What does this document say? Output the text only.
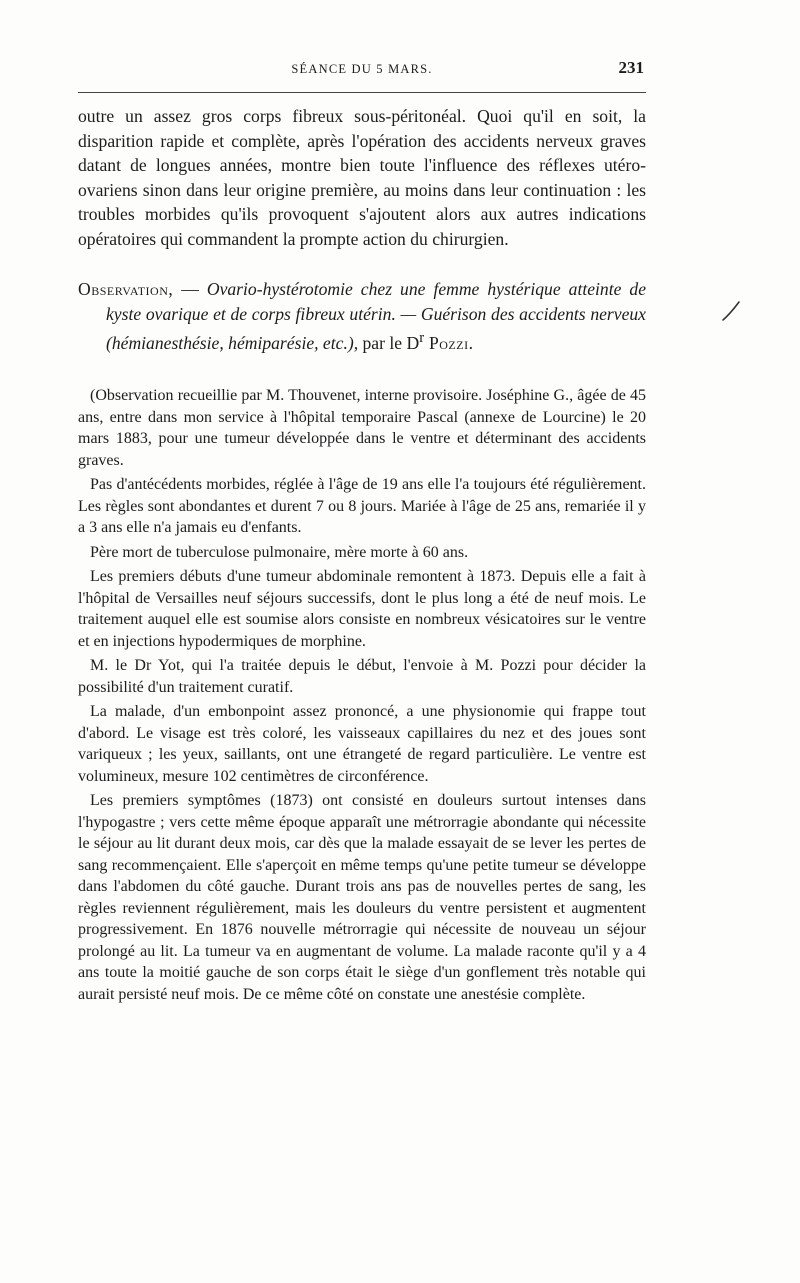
SÉANCE DU 5 MARS.	231

outre un assez gros corps fibreux sous-péritonéal. Quoi qu'il en soit, la disparition rapide et complète, après l'opération des accidents nerveux graves datant de longues années, montre bien toute l'influence des réflexes utéro-ovariens sinon dans leur origine première, au moins dans leur continuation : les troubles morbides qu'ils provoquent s'ajoutent alors aux autres indications opératoires qui commandent la prompte action du chirurgien.

Observation, — Ovario-hystérotomie chez une femme hystérique atteinte de kyste ovarique et de corps fibreux utérin. — Guérison des accidents nerveux (hémianesthésie, hémiparésie, etc.), par le $D^r$ Pozzi.

(Observation recueillie par M. Thouvenet, interne provisoire. Joséphine G., âgée de 45 ans, entre dans mon service à l'hôpital temporaire Pascal (annexe de Lourcine) le 20 mars 1883, pour une tumeur développée dans le ventre et déterminant des accidents graves.

Pas d'antécédents morbides, réglée à l'âge de 19 ans elle l'a toujours été régulièrement. Les règles sont abondantes et durent 7 ou 8 jours. Mariée à l'âge de 25 ans, remariée il y a 3 ans elle n'a jamais eu d'enfants.

Père mort de tuberculose pulmonaire, mère morte à 60 ans.

Les premiers débuts d'une tumeur abdominale remontent à 1873. Depuis elle a fait à l'hôpital de Versailles neuf séjours successifs, dont le plus long a été de neuf mois. Le traitement auquel elle est soumise alors consiste en nombreux vésicatoires sur le ventre et en injections hypodermiques de morphine.

M. le Dr Yot, qui l'a traitée depuis le début, l'envoie à M. Pozzi pour décider la possibilité d'un traitement curatif.

La malade, d'un embonpoint assez prononcé, a une physionomie qui frappe tout d'abord. Le visage est très coloré, les vaisseaux capillaires du nez et des joues sont variqueux ; les yeux, saillants, ont une étrangeté de regard particulière. Le ventre est volumineux, mesure 102 centimètres de circonférence.

Les premiers symptômes (1873) ont consisté en douleurs surtout intenses dans l'hypogastre ; vers cette même époque apparaît une métrorragie abondante qui nécessite le séjour au lit durant deux mois, car dès que la malade essayait de se lever les pertes de sang recommençaient. Elle s'aperçoit en même temps qu'une petite tumeur se développe dans l'abdomen du côté gauche. Durant trois ans pas de nouvelles pertes de sang, les règles reviennent régulièrement, mais les douleurs du ventre persistent et augmentent progressivement. En 1876 nouvelle métrorragie qui nécessite de nouveau un séjour prolongé au lit. La tumeur va en augmentant de volume. La malade raconte qu'il y a 4 ans toute la moitié gauche de son corps était le siège d'un gonflement très notable qui aurait persisté neuf mois. De ce même côté on constate une anestésie complète.
